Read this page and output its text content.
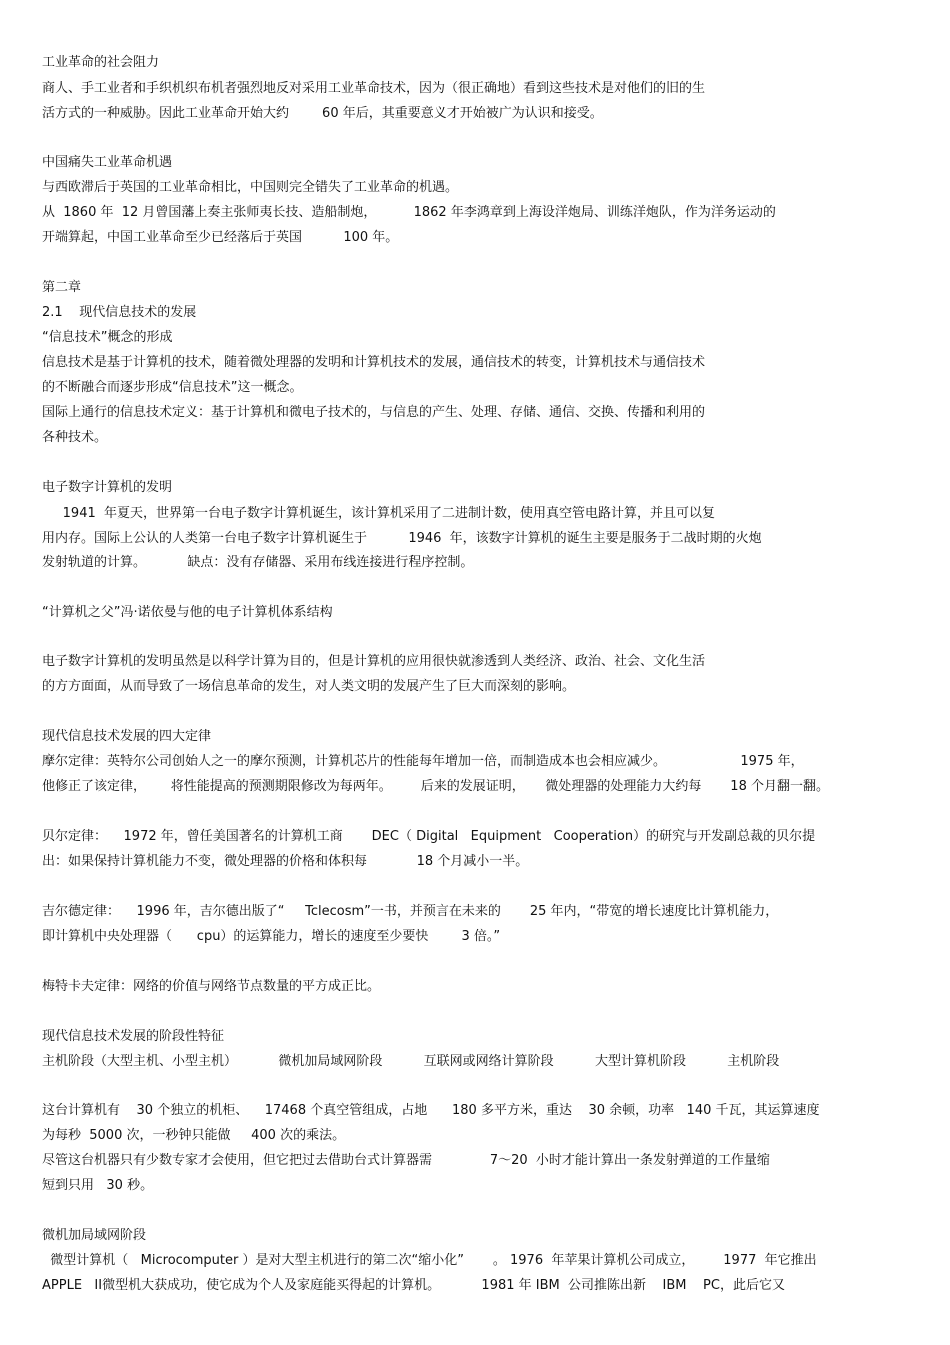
工业革命的社会阻力
商人、手工业者和手织机织布机者强烈地反对采用工业革命技术，因为（很正确地）看到这些技术是对他们的旧的生
活方式的一种威胁。因此工业革命开始大约        60 年后，其重要意义才开始被广为认识和接受。
中国痛失工业革命机遇
与西欧滞后于英国的工业革命相比，中国则完全错失了工业革命的机遇。
从  1860 年  12 月曾国藩上奏主张师夷长技、造船制炮，         1862 年李鸿章到上海设洋炮局、训练洋炮队，作为洋务运动的
开端算起，中国工业革命至少已经落后于英国          100 年。
第二章
2.1    现代信息技术的发展
“信息技术”概念的形成
信息技术是基于计算机的技术，随着微处理器的发明和计算机技术的发展，通信技术的转变，计算机技术与通信技术
的不断融合而逐步形成“信息技术”这一概念。
国际上通行的信息技术定义：基于计算机和微电子技术的，与信息的产生、处理、存储、通信、交换、传播和利用的
各种技术。
电子数字计算机的发明
1941  年夏天，世界第一台电子数字计算机诞生，该计算机采用了二进制计数，使用真空管电路计算，并且可以复
用内存。国际上公认的人类第一台电子数字计算机诞生于          1946  年，该数字计算机的诞生主要是服务于二战时期的火炮
发射轨道的计算。          缺点：没有存储器、采用布线连接进行程序控制。
“计算机之父”冯·诺依曼与他的电子计算机体系结构
电子数字计算机的发明虽然是以科学计算为目的，但是计算机的应用很快就渗透到人类经济、政治、社会、文化生活
的方方面面，从而导致了一场信息革命的发生，对人类文明的发展产生了巨大而深刻的影响。
现代信息技术发展的四大定律
摩尔定律：英特尔公司创始人之一的摩尔预测，计算机芯片的性能每年增加一倍，而制造成本也会相应减少。                  1975 年，
他修正了该定律，      将性能提高的预测期限修改为每两年。       后来的发展证明，     微处理器的处理能力大约每       18 个月翻一翻。
贝尔定律：    1972 年，曾任美国著名的计算机工商       DEC（ Digital   Equipment   Cooperation）的研究与开发副总裁的贝尔提
出：如果保持计算机能力不变，微处理器的价格和体积每            18 个月减小一半。
吉尔德定律：    1996 年，吉尔德出版了“     Tclecosm”一书，并预言在未来的       25 年内，“带宽的增长速度比计算机能力，
即计算机中央处理器（      cpu）的运算能力，增长的速度至少要快        3 倍。”
梅特卡夫定律：网络的价值与网络节点数量的平方成正比。
现代信息技术发展的阶段性特征
主机阶段（大型主机、小型主机）          微机加局域网阶段          互联网或网络计算阶段          大型计算机阶段          主机阶段
这台计算机有    30 个独立的机柜、    17468 个真空管组成，占地      180 多平方米，重达    30 余顿，功率   140 千瓦，其运算速度
为每秒  5000 次，一秒钟只能做     400 次的乘法。
尽管这台机器只有少数专家才会使用，但它把过去借助台式计算器需              7～20  小时才能计算出一条发射弹道的工作量缩
短到只用   30 秒。
微机加局域网阶段
微型计算机（   Microcomputer ）是对大型主机进行的第二次“缩小化”       。 1976  年苹果计算机公司成立，       1977  年它推出
APPLE   II微型机大获成功，使它成为个人及家庭能买得起的计算机。          1981 年 IBM  公司推陈出新    IBM    PC，此后它又
